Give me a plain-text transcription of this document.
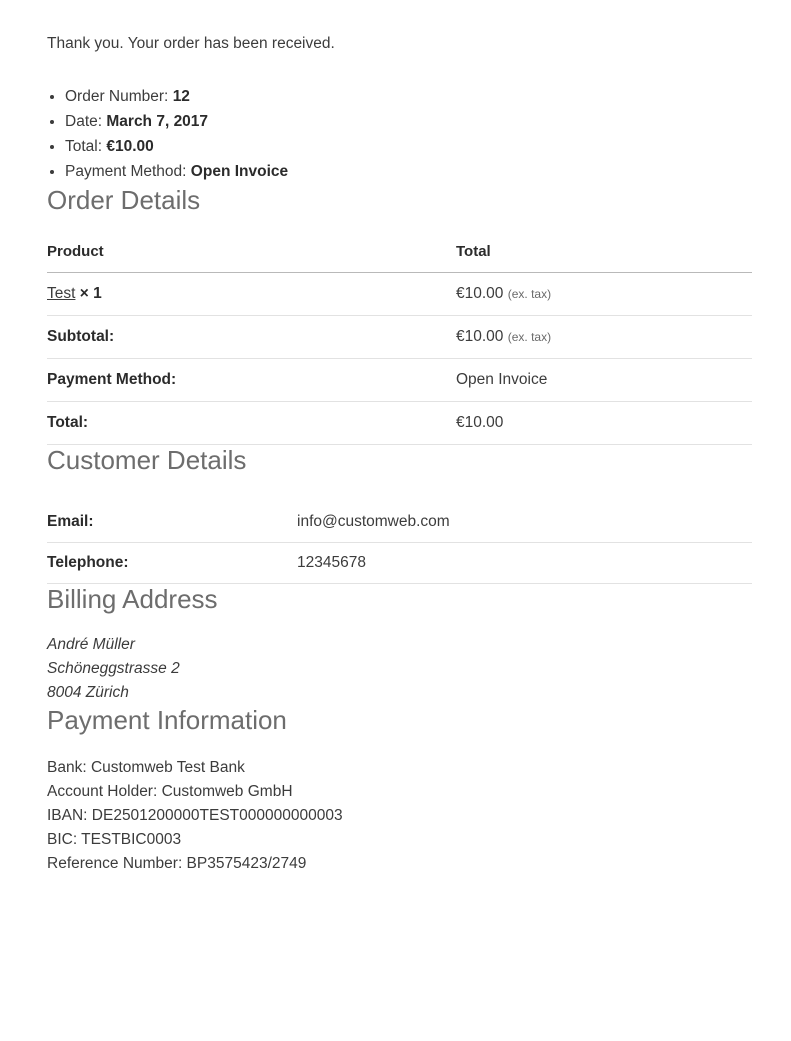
Thank you. Your order has been received.

• Order Number: 12
• Date: March 7, 2017
• Total: €10.00
• Payment Method: Open Invoice
Order Details
Product	Total
Test × 1	€10.00 (ex. tax)
Subtotal:	€10.00 (ex. tax)
Payment Method:	Open Invoice
Total:	€10.00
Customer Details
Email:	info@customweb.com
Telephone:	12345678
Billing Address
André Müller
Schöneggstrasse 2
8004 Zürich
Payment Information
Bank: Customweb Test Bank
Account Holder: Customweb GmbH
IBAN: DE2501200000TEST000000000003
BIC: TESTBIC0003
Reference Number: BP3575423/2749
